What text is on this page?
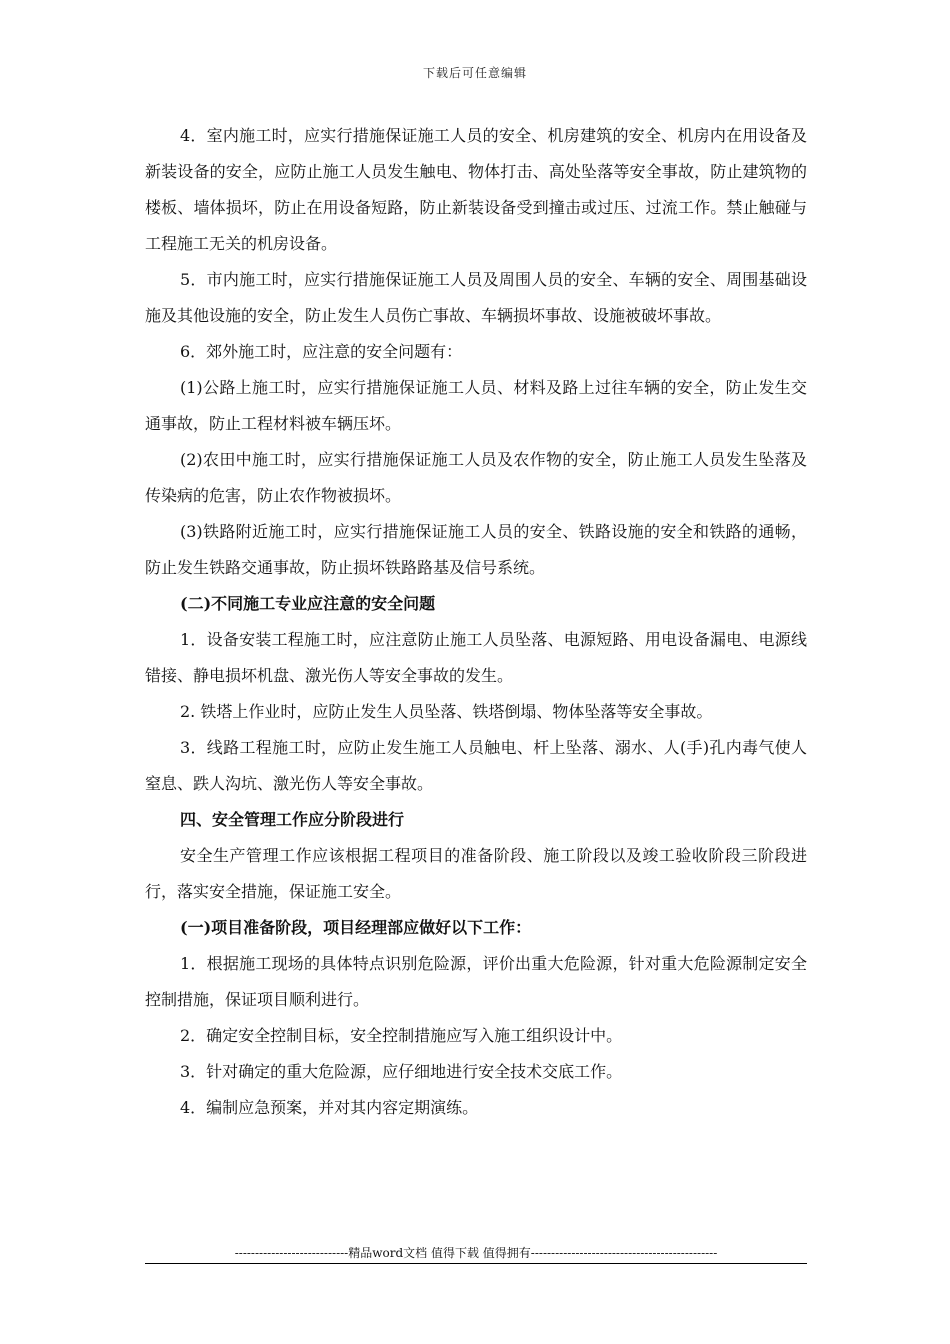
下载后可任意编辑

4．室内施工时，应实行措施保证施工人员的安全、机房建筑的安全、机房内在用设备及新装设备的安全，应防止施工人员发生触电、物体打击、高处坠落等安全事故，防止建筑物的楼板、墙体损坏，防止在用设备短路，防止新装设备受到撞击或过压、过流工作。禁止触碰与工程施工无关的机房设备。

5．市内施工时，应实行措施保证施工人员及周围人员的安全、车辆的安全、周围基础设施及其他设施的安全，防止发生人员伤亡事故、车辆损坏事故、设施被破坏事故。

6．郊外施工时，应注意的安全问题有：

(1)公路上施工时，应实行措施保证施工人员、材料及路上过往车辆的安全，防止发生交通事故，防止工程材料被车辆压坏。

(2)农田中施工时，应实行措施保证施工人员及农作物的安全，防止施工人员发生坠落及传染病的危害，防止农作物被损坏。

(3)铁路附近施工时，应实行措施保证施工人员的安全、铁路设施的安全和铁路的通畅，防止发生铁路交通事故，防止损坏铁路路基及信号系统。

(二)不同施工专业应注意的安全问题

1．设备安装工程施工时，应注意防止施工人员坠落、电源短路、用电设备漏电、电源线错接、静电损坏机盘、激光伤人等安全事故的发生。

2. 铁塔上作业时，应防止发生人员坠落、铁塔倒塌、物体坠落等安全事故。

3．线路工程施工时，应防止发生施工人员触电、杆上坠落、溺水、人(手)孔内毒气使人窒息、跌人沟坑、激光伤人等安全事故。

四、安全管理工作应分阶段进行

安全生产管理工作应该根据工程项目的准备阶段、施工阶段以及竣工验收阶段三阶段进行，落实安全措施，保证施工安全。

(一)项目准备阶段，项目经理部应做好以下工作：

1．根据施工现场的具体特点识别危险源，评价出重大危险源，针对重大危险源制定安全控制措施，保证项目顺利进行。

2．确定安全控制目标，安全控制措施应写入施工组织设计中。

3．针对确定的重大危险源，应仔细地进行安全技术交底工作。

4．编制应急预案，并对其内容定期演练。

----------------------------精品word文档 值得下载 值得拥有----------------------------------------------
